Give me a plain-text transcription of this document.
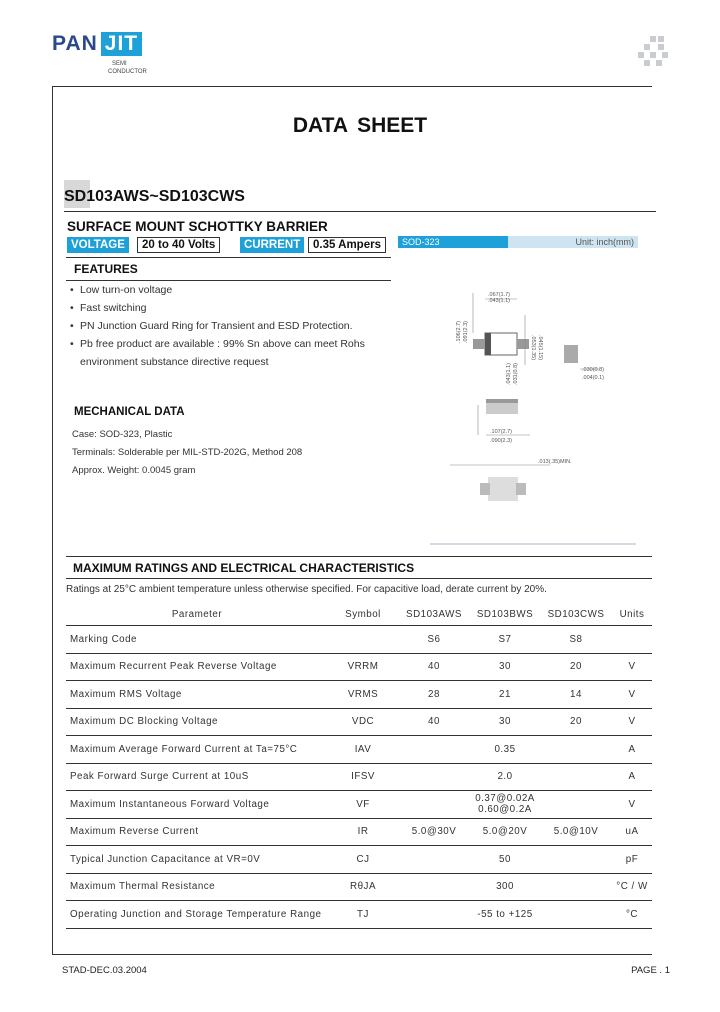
PAN JIT
SEMI
CONDUCTOR
DATA SHEET
SD103AWS~SD103CWS
SURFACE MOUNT SCHOTTKY BARRIER
VOLTAGE	20 to 40 Volts	CURRENT	0.35 Ampers	SOD-323	Unit: inch(mm)
FEATURES
• Low turn-on voltage
• Fast switching
• PN Junction Guard Ring for Transient and ESD Protection.
• Pb free product are available : 99% Sn above can meet Rohs
environment substance directive request
MECHANICAL DATA
Case: SOD-323, Plastic
Terminals: Solderable per MIL-STD-202G, Method 208
Approx. Weight: 0.0045 gram
.067(1.7)
.043(1.1)
.106(2.7) .091(2.3)
.053(1.35) .045(1.15)
.030(0.8)
.004(0.1)
.043(1.1) .031(0.8)
.107(2.7)
.090(2.3)
.013(.35)MIN.
MAXIMUM RATINGS AND ELECTRICAL CHARACTERISTICS
Ratings at 25°C ambient temperature unless otherwise specified. For capacitive load, derate current by 20%.
Parameter	Symbol	SD103AWS	SD103BWS	SD103CWS	Units
Marking Code		S6	S7	S8	
Maximum Recurrent Peak Reverse Voltage	VRRM	40	30	20	V
Maximum RMS Voltage	VRMS	28	21	14	V
Maximum DC Blocking Voltage	VDC	40	30	20	V
Maximum Average Forward Current at Ta=75°C	IAV	0.35			A
Peak Forward Surge Current at 10uS	IFSV	2.0			A
Maximum Instantaneous Forward Voltage	VF	0.37@0.02A
0.60@0.2A			V
Maximum Reverse Current	IR	5.0@30V	5.0@20V	5.0@10V	uA
Typical Junction Capacitance at VR=0V	CJ	50			pF
Maximum Thermal Resistance	RθJA	300			°C / W
Operating Junction and Storage Temperature Range	TJ	-55 to +125			°C
STAD-DEC.03.2004	PAGE . 1
